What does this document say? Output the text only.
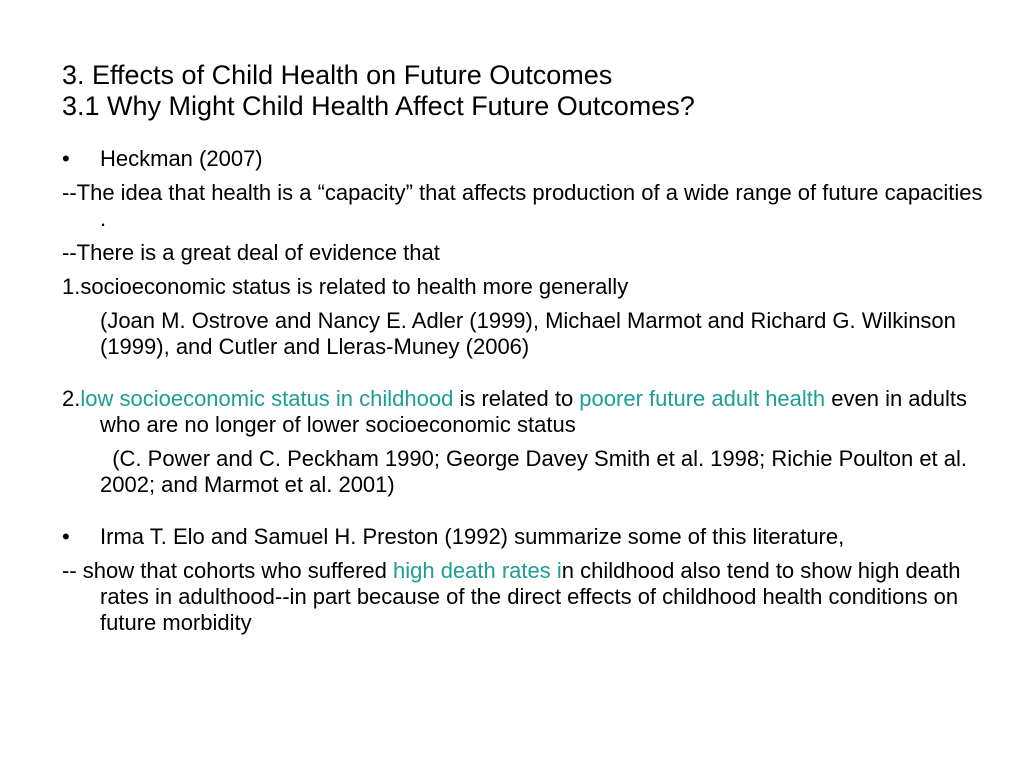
3. Effects of Child Health on Future Outcomes
3.1 Why Might Child Health Affect Future Outcomes?

• Heckman (2007)

--The idea that health is a “capacity” that affects production of a wide range of future capacities .

--There is a great deal of evidence that

1.socioeconomic status is related to health more generally

(Joan M. Ostrove and Nancy E. Adler (1999), Michael Marmot and Richard G. Wilkinson (1999), and Cutler and Lleras-Muney (2006)

2.low socioeconomic status in childhood is related to poorer future adult health even in adults who are no longer of lower socioeconomic status

(C. Power and C. Peckham 1990; George Davey Smith et al. 1998; Richie Poulton et al. 2002; and Marmot et al. 2001)

• Irma T. Elo and Samuel H. Preston (1992) summarize some of this literature,

-- show that cohorts who suffered high death rates in childhood also tend to show high death rates in adulthood--in part because of the direct effects of childhood health conditions on future morbidity
